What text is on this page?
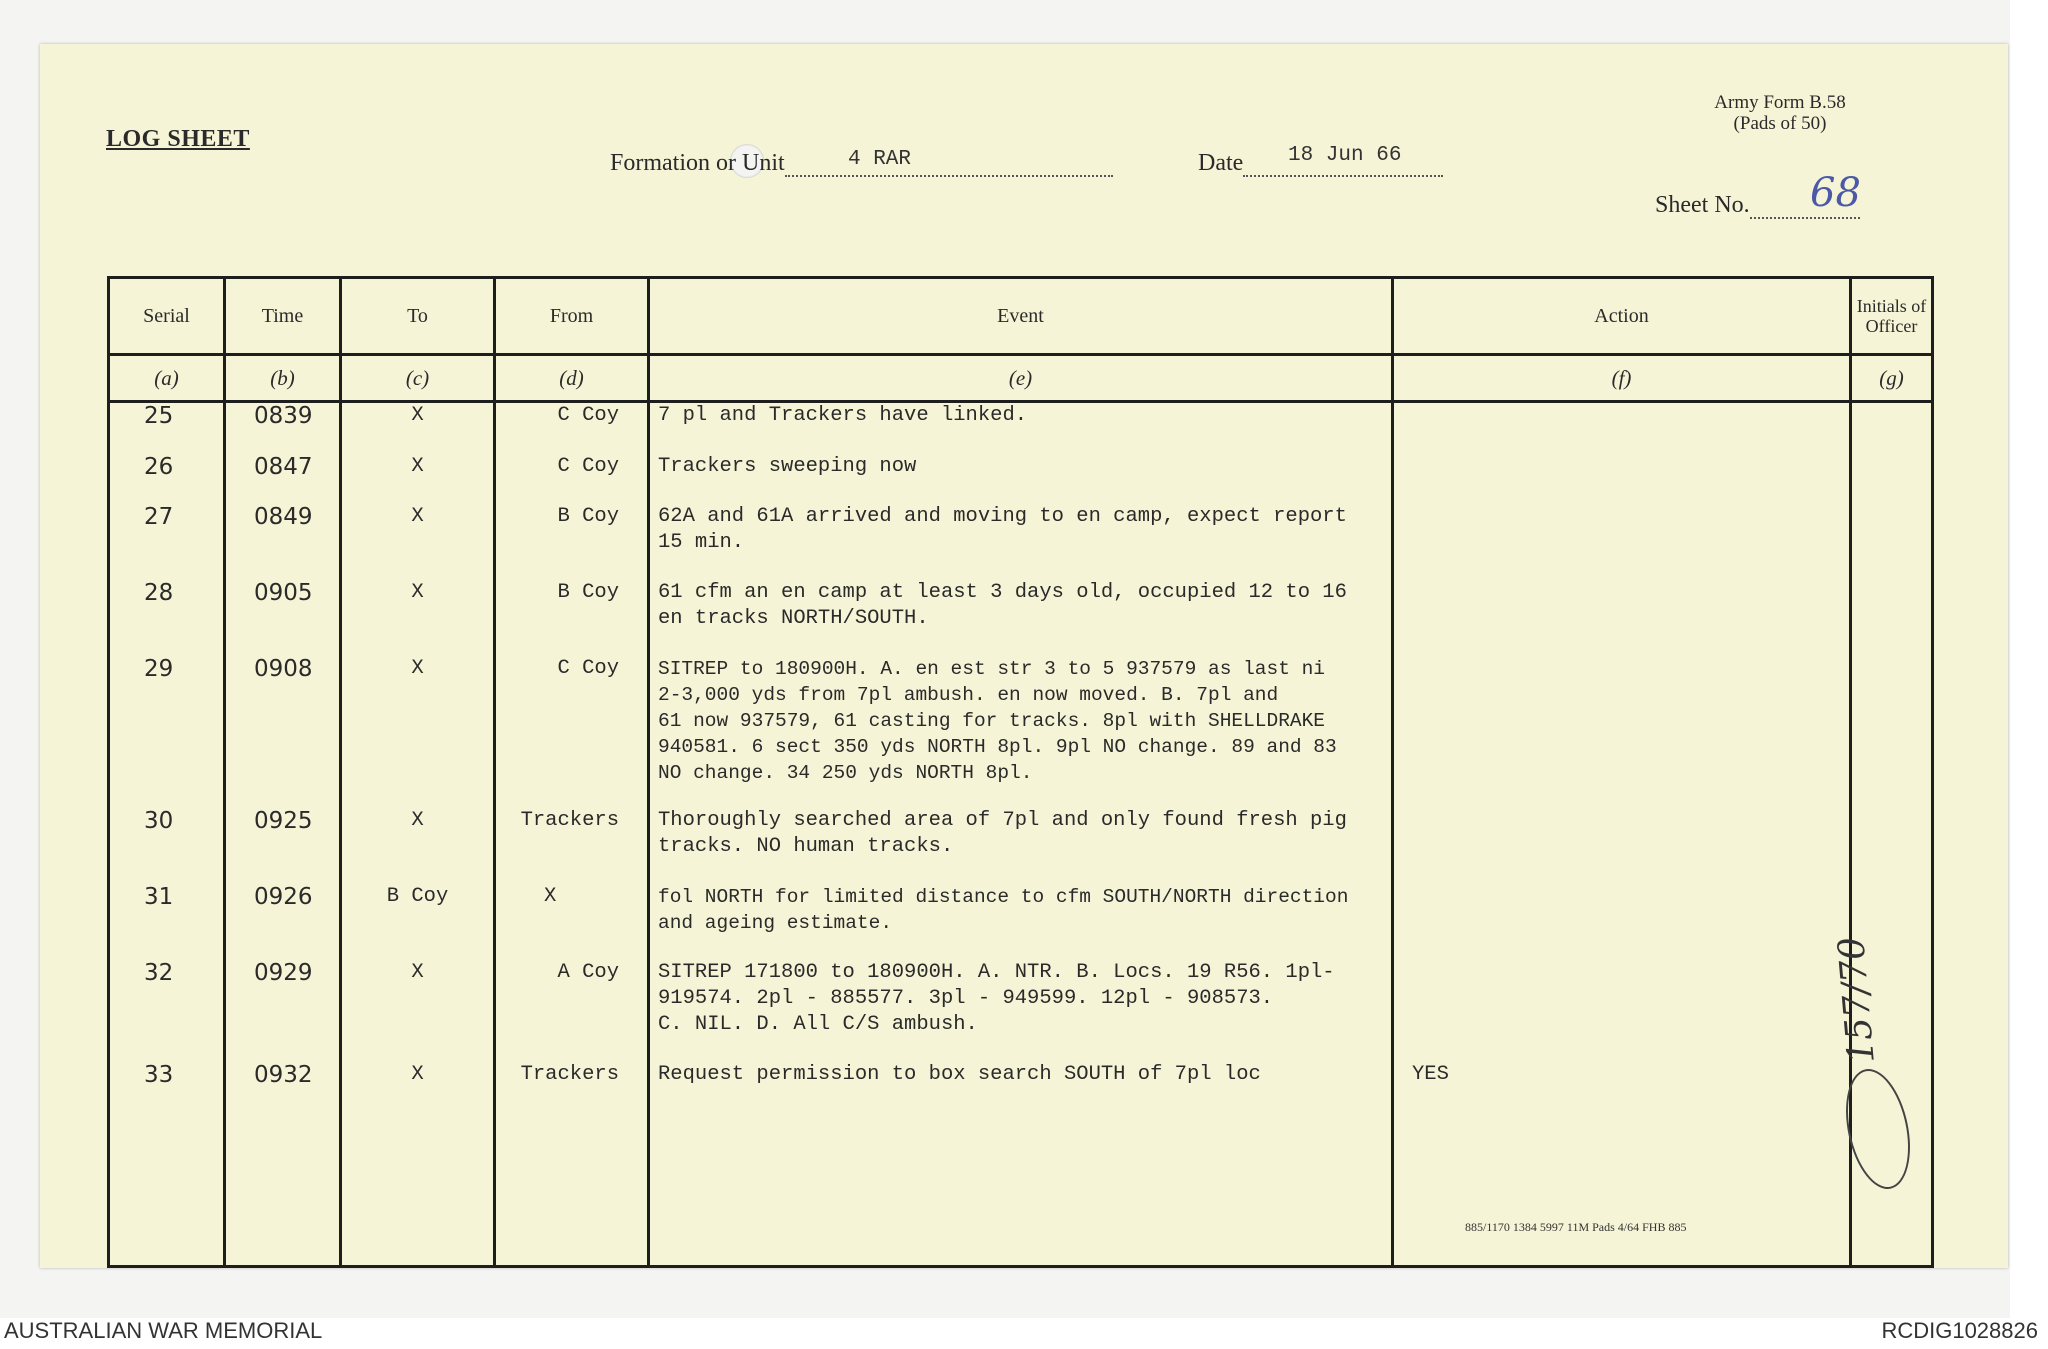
LOG SHEET
Army Form B.58
(Pads of 50)
Formation or Unit	4 RAR	Date	18 Jun 66
Sheet No.	68
Serial	Time	To	From	Event	Action	Initials of Officer
(a)	(b)	(c)	(d)	(e)	(f)	(g)
25	0839	X	C Coy	7 pl and Trackers have linked.		
26	0847	X	C Coy	Trackers sweeping now		
27	0849	X	B Coy	62A and 61A arrived and moving to en camp, expect report
15 min.		
28	0905	X	B Coy	61 cfm an en camp at least 3 days old, occupied 12 to 16
en tracks NORTH/SOUTH.		
29	0908	X	C Coy	SITREP to 180900H. A. en est str 3 to 5 937579 as last ni
2-3,000 yds from 7pl ambush. en now moved. B. 7pl and
61 now 937579, 61 casting for tracks. 8pl with SHELLDRAKE
940581. 6 sect 350 yds NORTH 8pl. 9pl NO change. 89 and 83
NO change. 34 250 yds NORTH 8pl.		
30	0925	X	Trackers	Thoroughly searched area of 7pl and only found fresh pig
tracks. NO human tracks.		
31	0926	B Coy	X	fol NORTH for limited distance to cfm SOUTH/NORTH direction
and ageing estimate.		
32	0929	X	A Coy	SITREP 171800 to 180900H. A. NTR. B. Locs. 19 R56. 1pl-
919574. 2pl - 885577. 3pl - 949599. 12pl - 908573.
C. NIL. D. All C/S ambush.		
33	0932	X	Trackers	Request permission to box search SOUTH of 7pl loc	YES	
885/1170 1384 5997 11M Pads 4/64 FHB 885
157/70
AUSTRALIAN WAR MEMORIAL	RCDIG1028826
